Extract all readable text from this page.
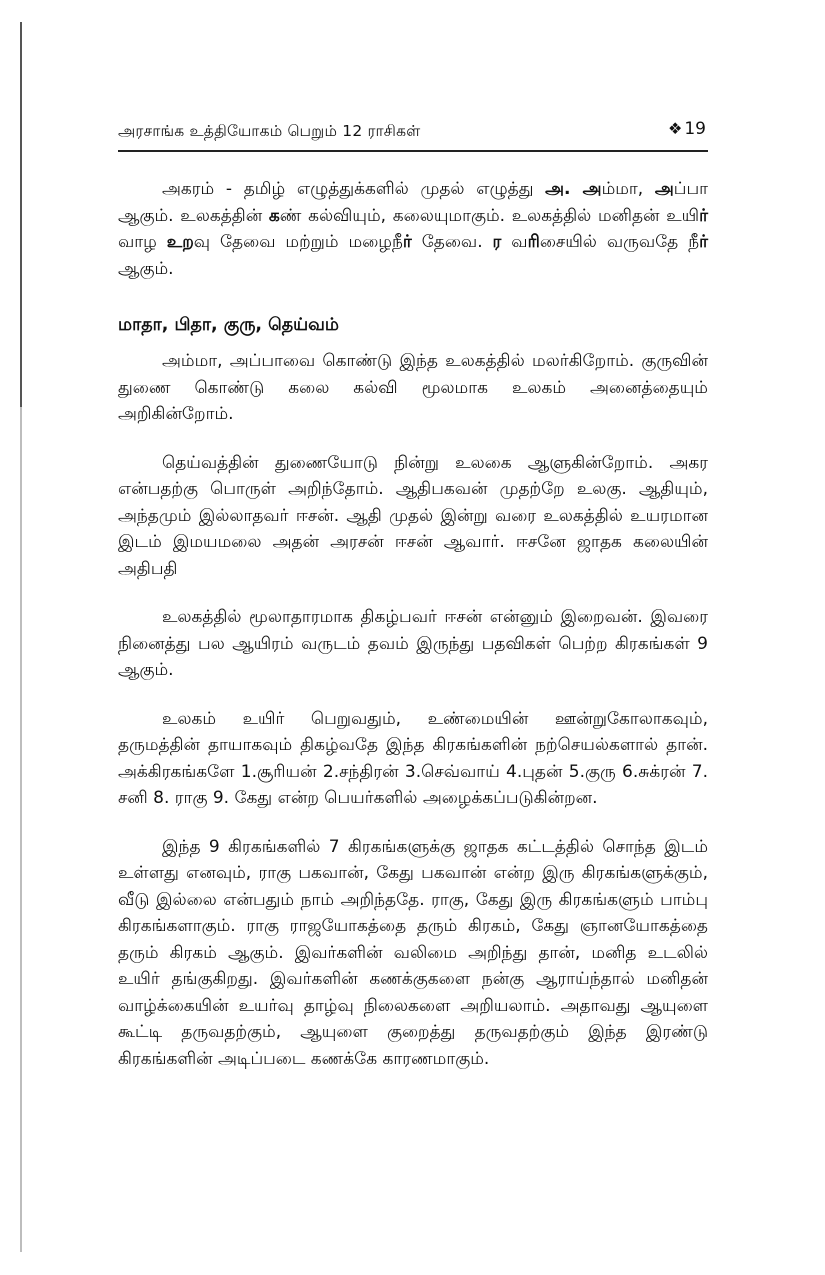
அரசாங்க உத்தியோகம் பெறும் 12 ராசிகள்	❖ 19

அகரம் - தமிழ் எழுத்துக்களில் முதல் எழுத்து அ. அம்மா, அப்பா ஆகும். உலகத்தின் கண் கல்வியும், கலையுமாகும். உலகத்தில் மனிதன் உயிர் வாழ உறவு தேவை மற்றும் மழைநீர் தேவை. ர வரிசையில் வருவதே நீர் ஆகும்.

மாதா, பிதா, குரு, தெய்வம்

அம்மா, அப்பாவை கொண்டு இந்த உலகத்தில் மலர்கிறோம். குருவின் துணை கொண்டு கலை கல்வி மூலமாக உலகம் அனைத்தையும் அறிகின்றோம்.

தெய்வத்தின் துணையோடு நின்று உலகை ஆளுகின்றோம். அகர என்பதற்கு பொருள் அறிந்தோம். ஆதிபகவன் முதற்றே உலகு. ஆதியும், அந்தமும் இல்லாதவர் ஈசன். ஆதி முதல் இன்று வரை உலகத்தில் உயரமான இடம் இமயமலை அதன் அரசன் ஈசன் ஆவார். ஈசனே ஜாதக கலையின் அதிபதி

உலகத்தில் மூலாதாரமாக திகழ்பவர் ஈசன் என்னும் இறைவன். இவரை நினைத்து பல ஆயிரம் வருடம் தவம் இருந்து பதவிகள் பெற்ற கிரகங்கள் 9 ஆகும்.

உலகம் உயிர் பெறுவதும், உண்மையின் ஊன்றுகோலாகவும், தருமத்தின் தாயாகவும் திகழ்வதே இந்த கிரகங்களின் நற்செயல்களால் தான். அக்கிரகங்களே 1.சூரியன் 2.சந்திரன் 3.செவ்வாய் 4.புதன் 5.குரு 6.சுக்ரன் 7. சனி 8. ராகு 9. கேது என்ற பெயர்களில் அழைக்கப்படுகின்றன.

இந்த 9 கிரகங்களில் 7 கிரகங்களுக்கு ஜாதக கட்டத்தில் சொந்த இடம் உள்ளது எனவும், ராகு பகவான், கேது பகவான் என்ற இரு கிரகங்களுக்கும், வீடு இல்லை என்பதும் நாம் அறிந்ததே. ராகு, கேது இரு கிரகங்களும் பாம்பு கிரகங்களாகும். ராகு ராஜயோகத்தை தரும் கிரகம், கேது ஞானயோகத்தை தரும் கிரகம் ஆகும். இவர்களின் வலிமை அறிந்து தான், மனித உடலில் உயிர் தங்குகிறது. இவர்களின் கணக்குகளை நன்கு ஆராய்ந்தால் மனிதன் வாழ்க்கையின் உயர்வு தாழ்வு நிலைகளை அறியலாம். அதாவது ஆயுளை கூட்டி தருவதற்கும், ஆயுளை குறைத்து தருவதற்கும் இந்த இரண்டு கிரகங்களின் அடிப்படை கணக்கே காரணமாகும்.
